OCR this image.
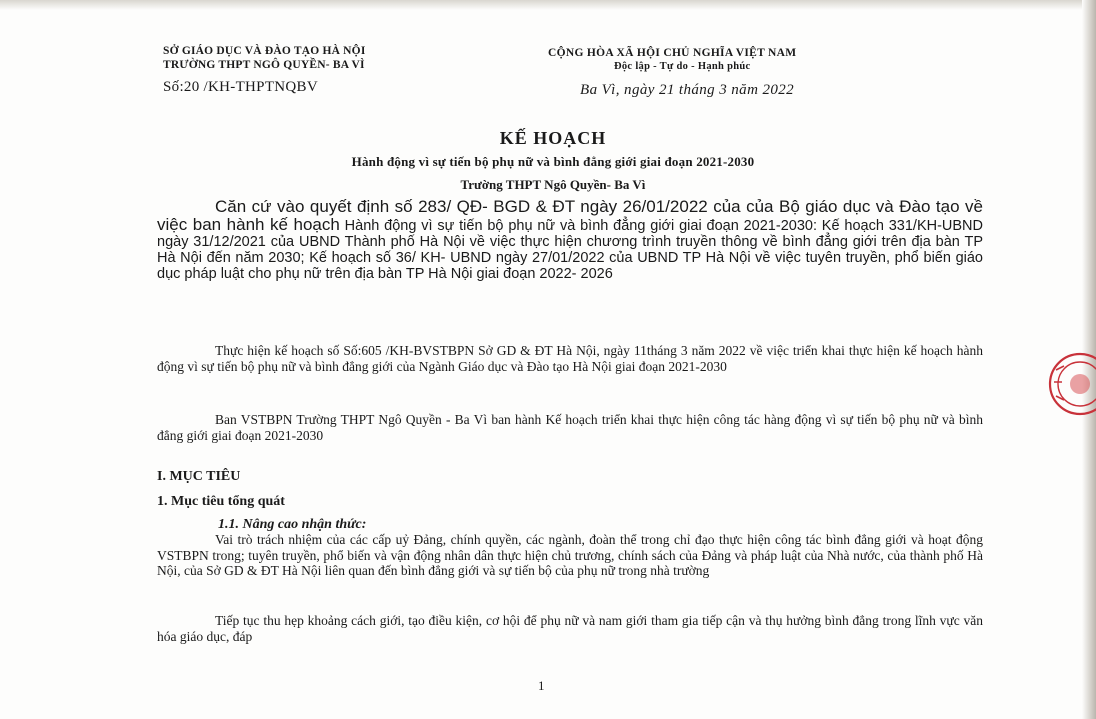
SỞ GIÁO DỤC VÀ ĐÀO TẠO HÀ NỘI
TRƯỜNG THPT NGÔ QUYỀN- BA VÌ
Số:20 /KH-THPTNQBV
CỘNG HÒA XÃ HỘI CHỦ NGHĨA VIỆT NAM
Độc lập - Tự do - Hạnh phúc
Ba Vì, ngày 21 tháng 3 năm 2022
KẾ HOẠCH
Hành động vì sự tiến bộ phụ nữ và bình đẳng giới giai đoạn 2021-2030
Trường THPT Ngô Quyền- Ba Vì
Căn cứ vào quyết định số 283/ QĐ- BGD & ĐT ngày 26/01/2022 của của Bộ giáo dục và Đào tạo về việc ban hành kế hoạch Hành động vì sự tiến bộ phụ nữ và bình đẳng giới giai đoạn 2021-2030: Kế hoạch 331/KH-UBND ngày 31/12/2021 của UBND Thành phố Hà Nội về việc thực hiện chương trình truyền thông về bình đẳng giới trên địa bàn TP Hà Nội đến năm 2030; Kế hoạch số 36/ KH- UBND ngày 27/01/2022 của UBND TP Hà Nội về việc tuyên truyền, phổ biến giáo dục pháp luật cho phụ nữ trên địa bàn TP Hà Nội giai đoạn 2022- 2026
Thực hiện kế hoạch số Số:605 /KH-BVSTBPN Sở GD & ĐT Hà Nội, ngày 11tháng 3 năm 2022 về việc triển khai thực hiện kế hoạch hành động vì sự tiến bộ phụ nữ và bình đẳng giới của Ngành Giáo dục và Đào tạo Hà Nội giai đoạn 2021-2030
Ban VSTBPN Trường THPT Ngô Quyền - Ba Vì ban hành Kế hoạch triển khai thực hiện công tác hàng động vì sự tiến bộ phụ nữ và bình đẳng giới giai đoạn 2021-2030
I. MỤC TIÊU
1. Mục tiêu tổng quát
1.1. Nâng cao nhận thức:
Vai trò trách nhiệm của các cấp uỷ Đảng, chính quyền, các ngành, đoàn thể trong chỉ đạo thực hiện công tác bình đẳng giới và hoạt động VSTBPN trong; tuyên truyền, phổ biến và vận động nhân dân thực hiện chủ trương, chính sách của Đảng và pháp luật của Nhà nước, của thành phố Hà Nội, của Sở GD & ĐT Hà Nội liên quan đến bình đẳng giới và sự tiến bộ của phụ nữ trong nhà trường
Tiếp tục thu hẹp khoảng cách giới, tạo điều kiện, cơ hội để phụ nữ và nam giới tham gia tiếp cận và thụ hưởng bình đẳng trong lĩnh vực văn hóa giáo dục, đáp
1
